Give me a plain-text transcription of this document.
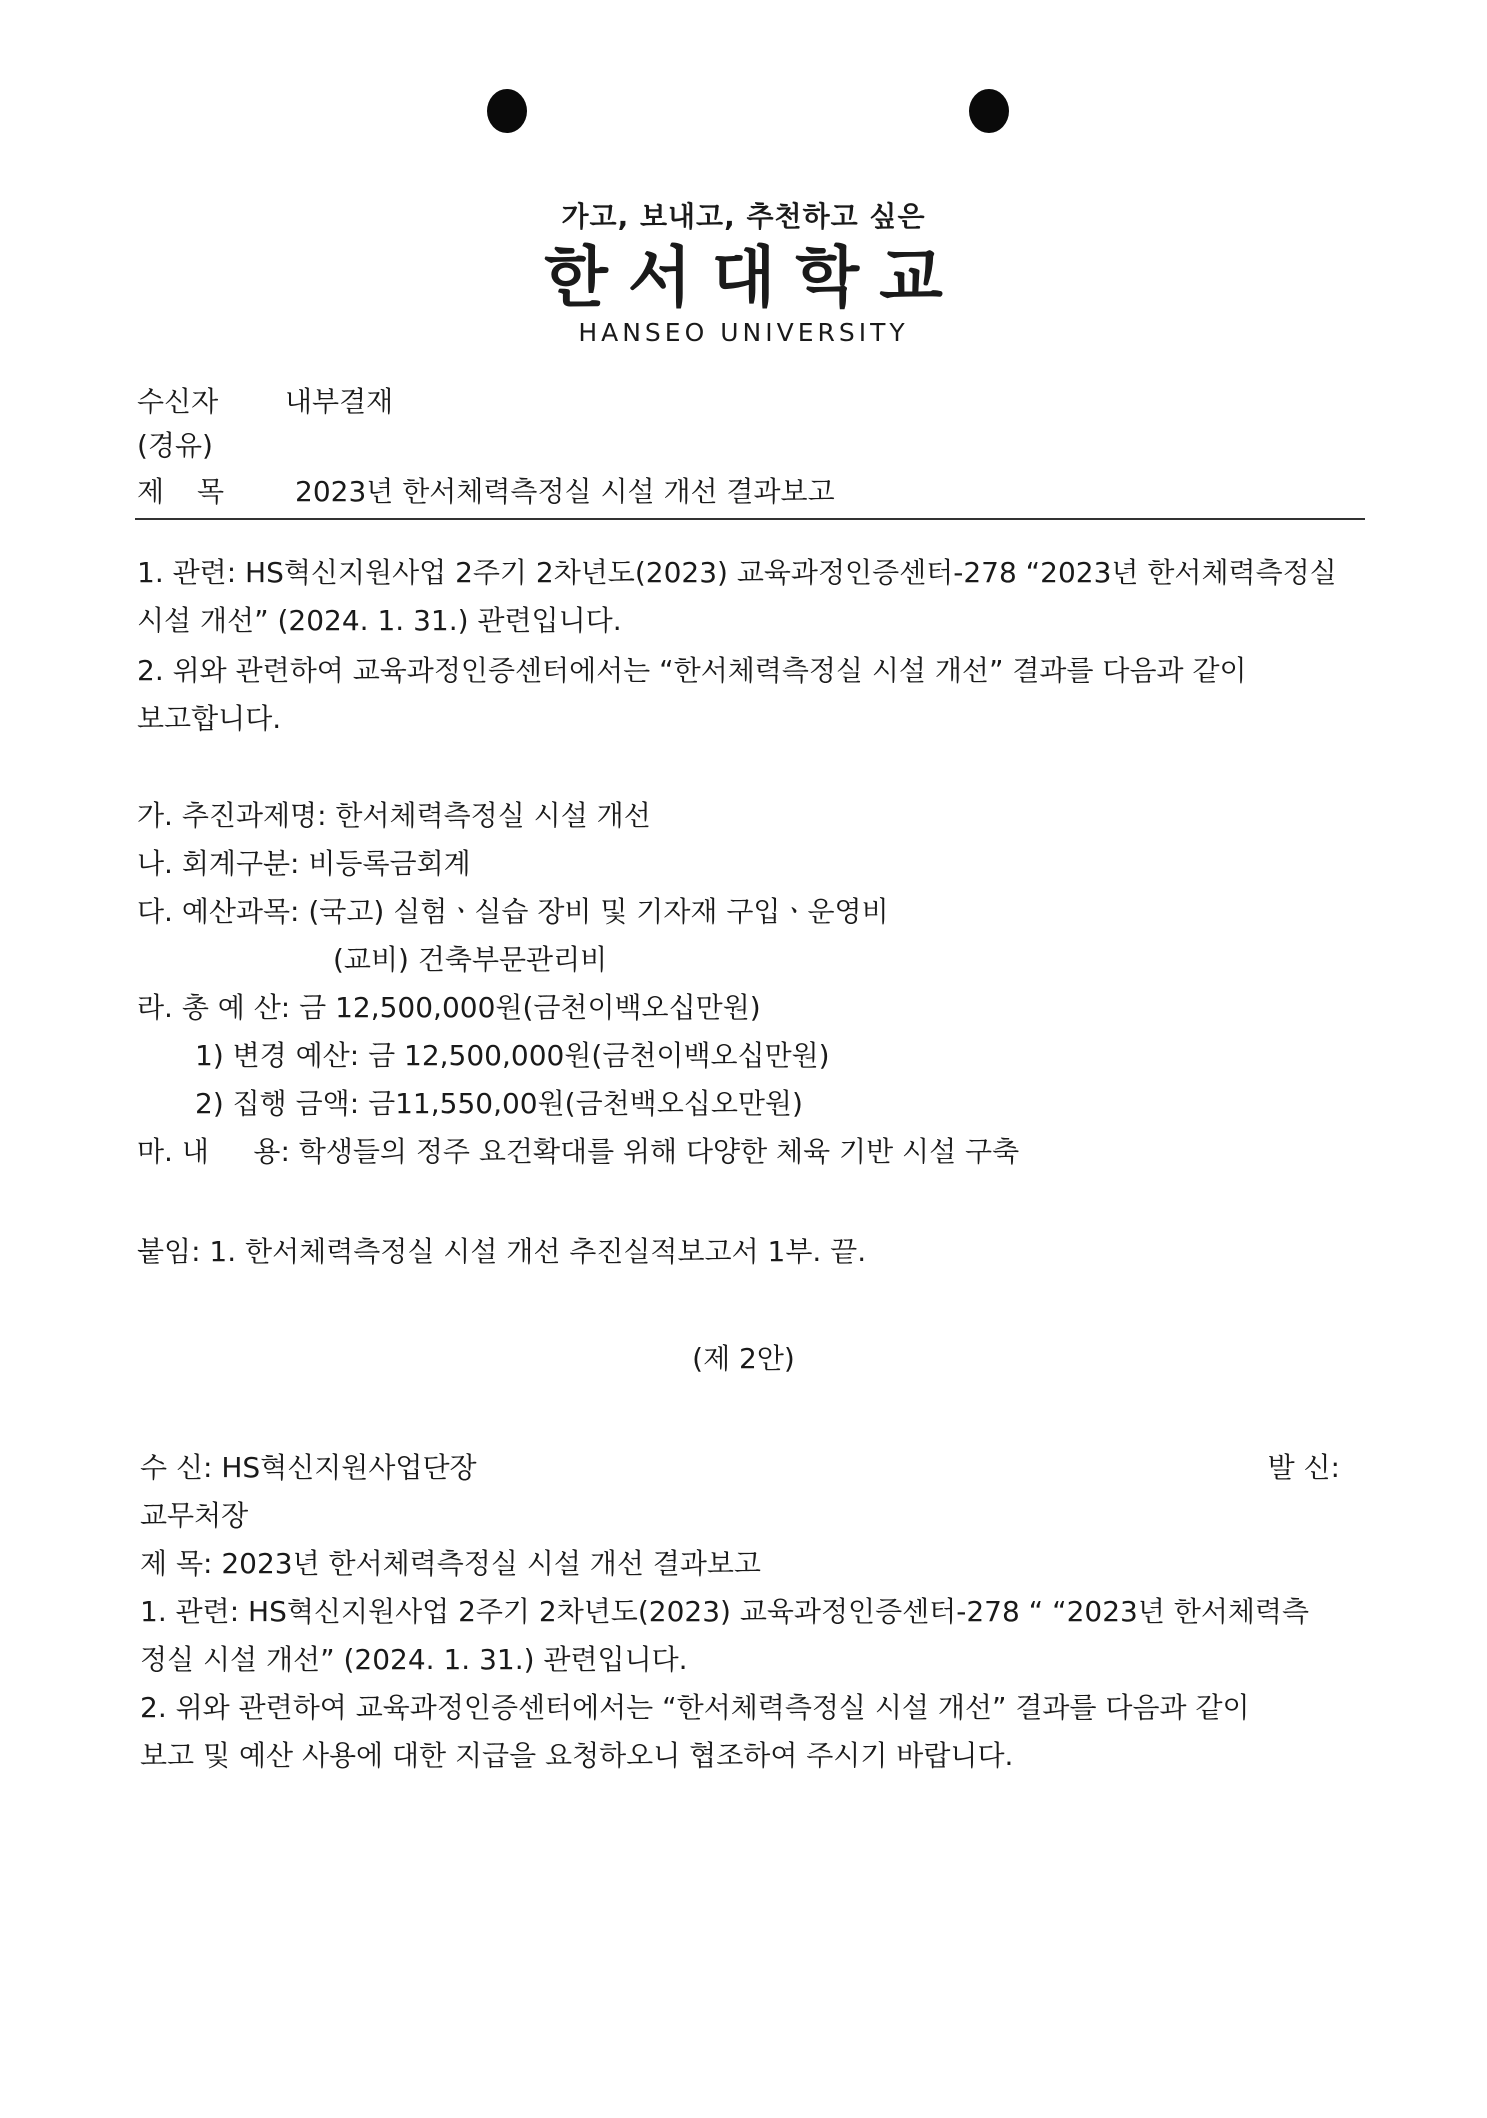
가고, 보내고, 추천하고 싶은
한서대학교
HANSEO UNIVERSITY
수신자 내부결재
(경유)
제 목	2023년 한서체력측정실 시설 개선 결과보고
1. 관련: HS혁신지원사업 2주기 2차년도(2023) 교육과정인증센터-278 “2023년 한서체력측정실
시설 개선” (2024. 1. 31.) 관련입니다.
2. 위와 관련하여 교육과정인증센터에서는 “한서체력측정실 시설 개선” 결과를 다음과 같이
보고합니다.
가. 추진과제명: 한서체력측정실 시설 개선
나. 회계구분: 비등록금회계
다. 예산과목: (국고) 실험ㆍ실습 장비 및 기자재 구입ㆍ운영비
(교비) 건축부문관리비
라. 총 예 산: 금 12,500,000원(금천이백오십만원)
1) 변경 예산: 금 12,500,000원(금천이백오십만원)
2) 집행 금액: 금11,550,00원(금천백오십오만원)
마. 내     용: 학생들의 정주 요건확대를 위해 다양한 체육 기반 시설 구축
붙임: 1. 한서체력측정실 시설 개선 추진실적보고서 1부. 끝.
(제 2안)
수 신: HS혁신지원사업단장	발 신:
교무처장
제 목: 2023년 한서체력측정실 시설 개선 결과보고
1. 관련: HS혁신지원사업 2주기 2차년도(2023) 교육과정인증센터-278 “ “2023년 한서체력측
정실 시설 개선” (2024. 1. 31.) 관련입니다.
2. 위와 관련하여 교육과정인증센터에서는 “한서체력측정실 시설 개선” 결과를 다음과 같이
보고 및 예산 사용에 대한 지급을 요청하오니 협조하여 주시기 바랍니다.
